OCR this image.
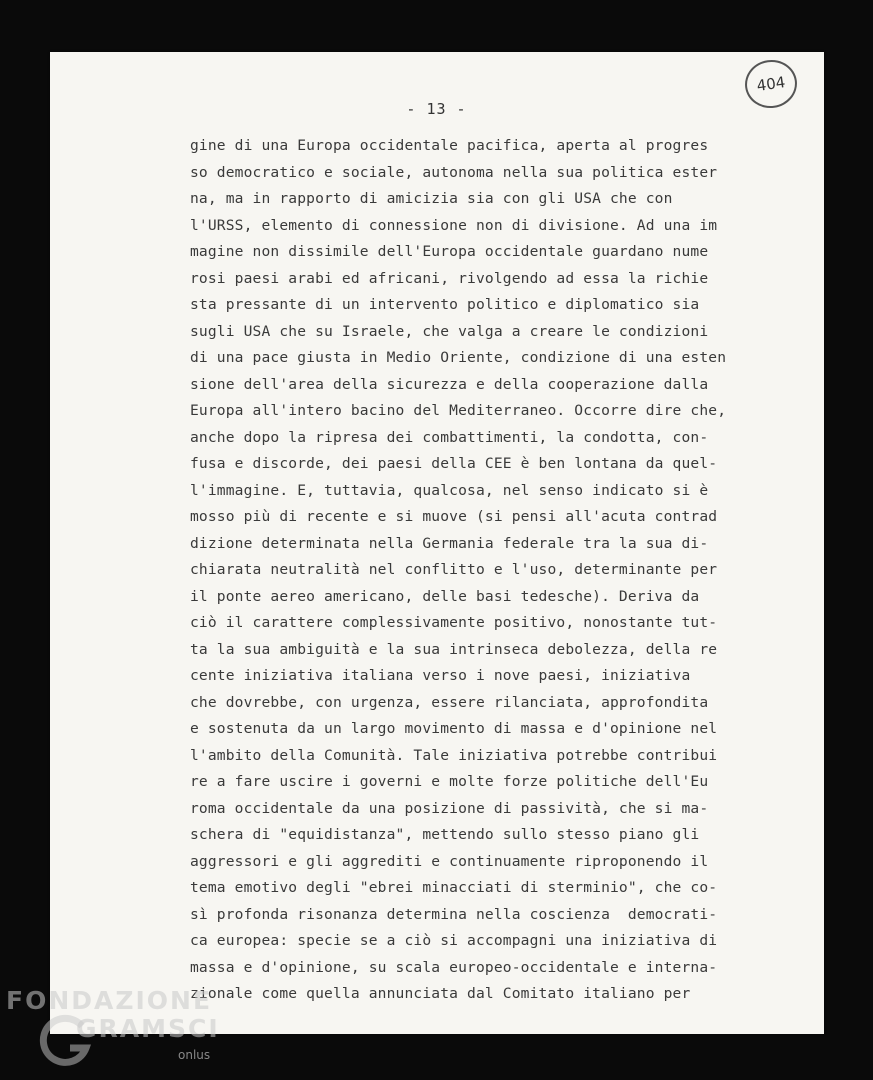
404
- 13 -
gine di una Europa occidentale pacifica, aperta al progres
so democratico e sociale, autonoma nella sua politica ester
na, ma in rapporto di amicizia sia con gli USA che con
l'URSS, elemento di connessione non di divisione. Ad una im
magine non dissimile dell'Europa occidentale guardano nume
rosi paesi arabi ed africani, rivolgendo ad essa la richie
sta pressante di un intervento politico e diplomatico sia
sugli USA che su Israele, che valga a creare le condizioni
di una pace giusta in Medio Oriente, condizione di una esten
sione dell'area della sicurezza e della cooperazione dalla
Europa all'intero bacino del Mediterraneo. Occorre dire che,
anche dopo la ripresa dei combattimenti, la condotta, con-
fusa e discorde, dei paesi della CEE è ben lontana da quel-
l'immagine. E, tuttavia, qualcosa, nel senso indicato si è
mosso più di recente e si muove (si pensi all'acuta contrad
dizione determinata nella Germania federale tra la sua di-
chiarata neutralità nel conflitto e l'uso, determinante per
il ponte aereo americano, delle basi tedesche). Deriva da
ciò il carattere complessivamente positivo, nonostante tut-
ta la sua ambiguità e la sua intrinseca debolezza, della re
cente iniziativa italiana verso i nove paesi, iniziativa
che dovrebbe, con urgenza, essere rilanciata, approfondita
e sostenuta da un largo movimento di massa e d'opinione nel
l'ambito della Comunità. Tale iniziativa potrebbe contribui
re a fare uscire i governi e molte forze politiche dell'Eu
roma occidentale da una posizione di passività, che si ma-
schera di "equidistanza", mettendo sullo stesso piano gli
aggressori e gli aggrediti e continuamente riproponendo il
tema emotivo degli "ebrei minacciati di sterminio", che co-
sì profonda risonanza determina nella coscienza  democrati-
ca europea: specie se a ciò si accompagni una iniziativa di
massa e d'opinione, su scala europeo-occidentale e interna-
zionale come quella annunciata dal Comitato italiano per
FONDAZIONE
GRAMSCI
onlus
